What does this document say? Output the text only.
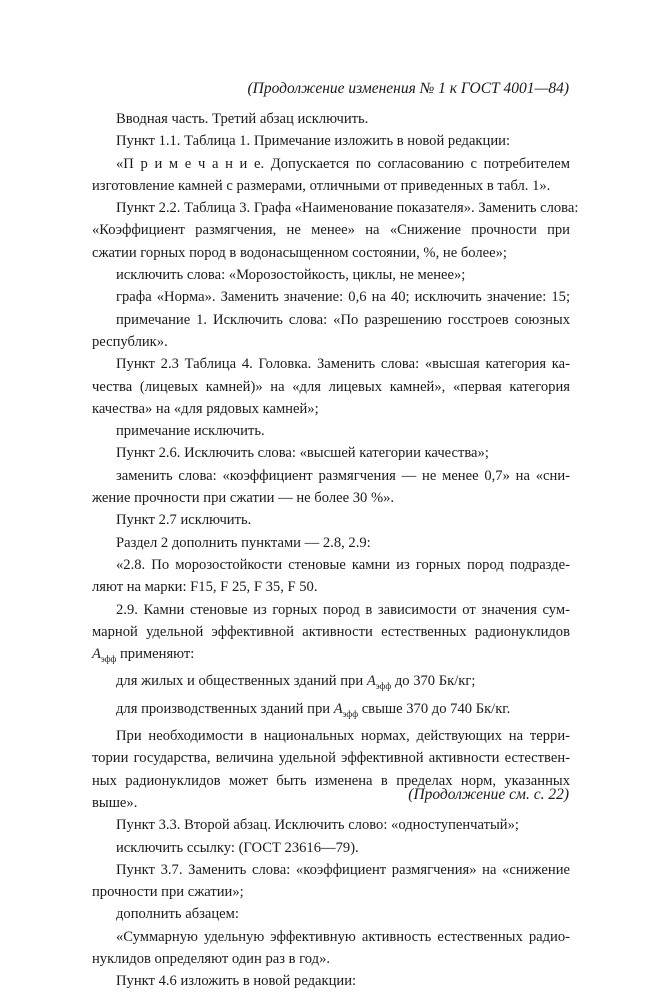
(Продолжение изменения № 1 к ГОСТ 4001—84)

Вводная часть. Третий абзац исключить.

Пункт 1.1. Таблица 1. Примечание изложить в новой редакции:

«П р и м е ч а н и е. Допускается по согласованию с потребителем

изготовление камней с размерами, отличными от приведенных в табл. 1».

Пункт 2.2. Таблица 3. Графа «Наименование показателя». Заменить слова:

«Коэффициент размягчения, не менее» на «Снижение прочности при

сжатии горных пород в водонасыщенном состоянии, %, не более»;

исключить слова: «Морозостойкость, циклы, не менее»;

графа «Норма». Заменить значение: 0,6 на 40; исключить значение: 15;

примечание 1. Исключить слова: «По разрешению госстроев союзных

республик».

Пункт 2.3 Таблица 4. Головка. Заменить слова: «высшая категория ка-

чества (лицевых камней)» на «для лицевых камней», «первая категория

качества» на «для рядовых камней»;

примечание исключить.

Пункт 2.6. Исключить слова: «высшей категории качества»;

заменить слова: «коэффициент размягчения — не менее 0,7» на «сни-

жение прочности при сжатии — не более 30 %».

Пункт 2.7 исключить.

Раздел 2 дополнить пунктами — 2.8, 2.9:

«2.8. По морозостойкости стеновые камни из горных пород подразде-

ляют на марки: F15, F 25, F 35, F 50.

2.9. Камни стеновые из горных пород в зависимости от значения сум-

марной удельной эффективной активности естественных радионуклидов

$А_{эфф}$ применяют:

для жилых и общественных зданий при $А_{эфф}$ до 370 Бк/кг;

для производственных зданий при $А_{эфф}$ свыше 370 до 740 Бк/кг.

При необходимости в национальных нормах, действующих на терри-

тории государства, величина удельной эффективной активности естествен-

ных радионуклидов может быть изменена в пределах норм, указанных

выше».

Пункт 3.3. Второй абзац. Исключить слово: «одноступенчатый»;

исключить ссылку: (ГОСТ 23616—79).

Пункт 3.7. Заменить слова: «коэффициент размягчения» на «снижение

прочности при сжатии»;

дополнить абзацем:

«Суммарную удельную эффективную активность естественных радио-

нуклидов определяют один раз в год».

Пункт 4.6 изложить в новой редакции:

(Продолжение см. с. 22)
